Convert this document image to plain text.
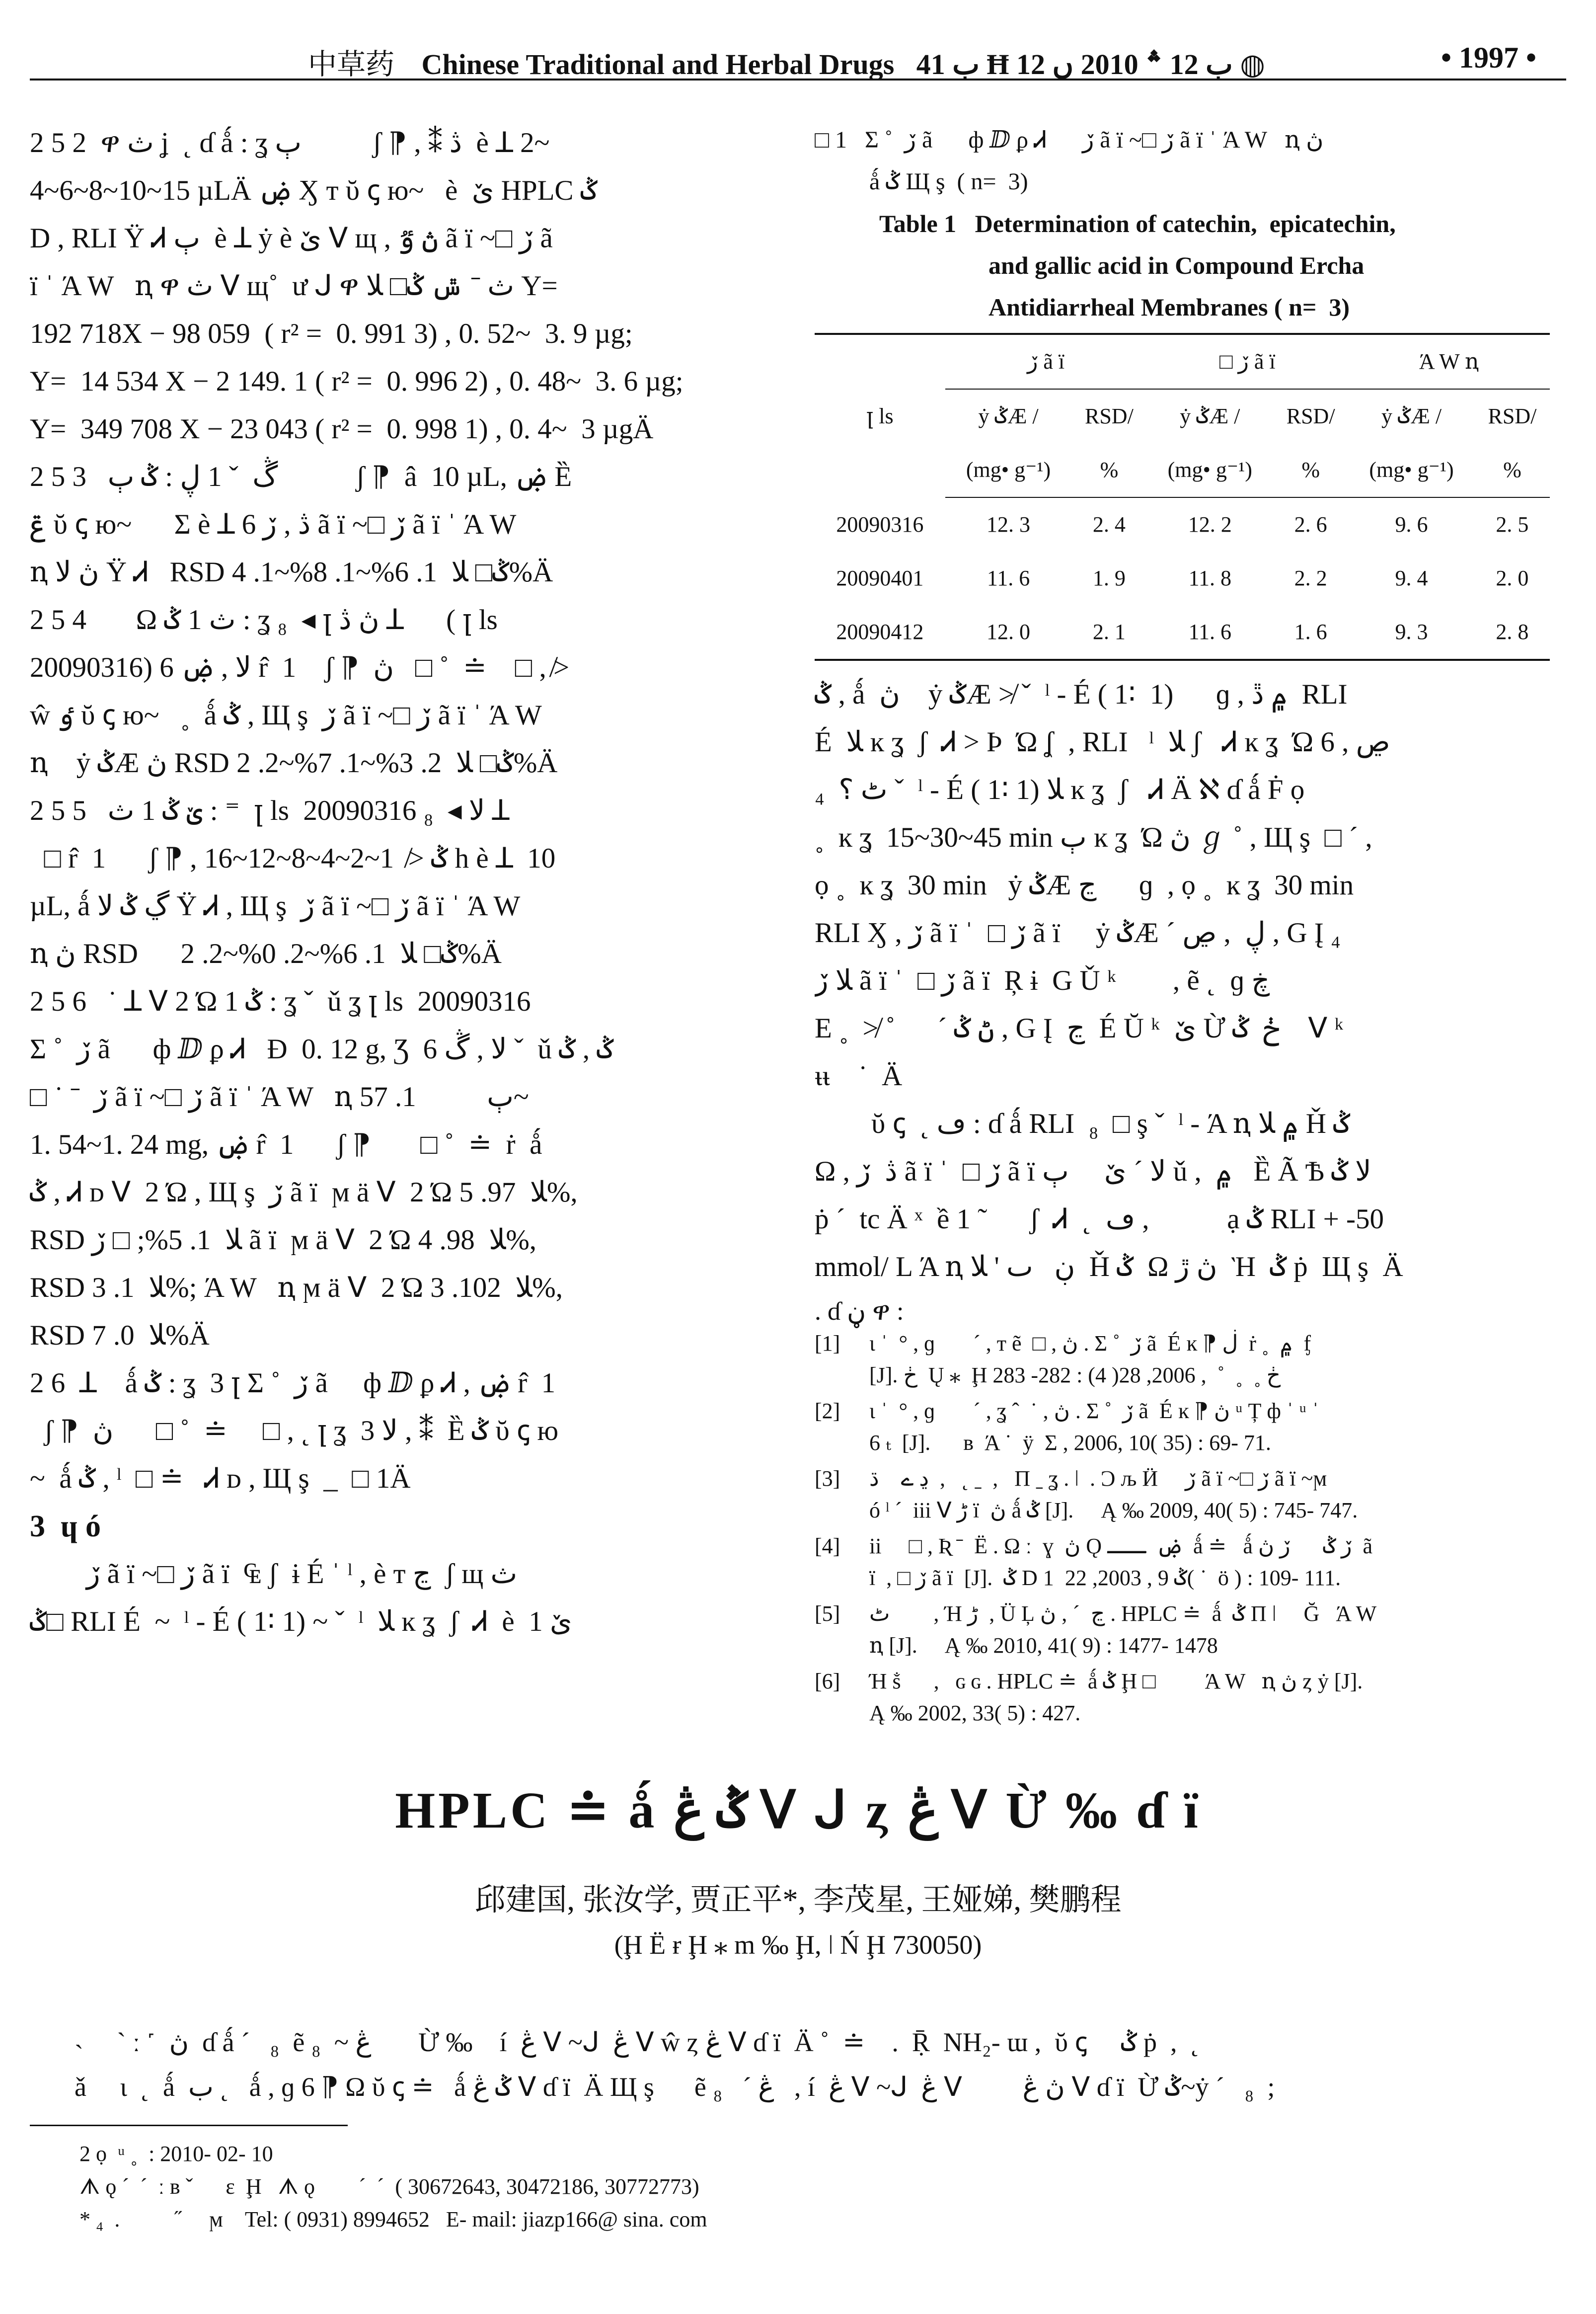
中草药 Chinese Traditional and Herbal Drugs ب 41 Ħ ب 12 ؞ 2010 ں 12 ◍	• 1997 •

2 5 2  ዋ ث ʝ  ˛ ɗ ǻ : ʓ ٻ          ʃ ⁋ , ⁑ ڎ  ѐ ꓕ 2~

4~6~8~10~15 µLÄ ۻ Ӽ ᴛ ῠ ꞔ ю~   ѐ  ێ HPLC ݣ

D , RLI Ÿ Ꮧ ٻ  ѐ ꓕ ẏ ѐ ێ ᐯ щ , ڽ ٷ ã ï ~□ ڒ ã

ï ˈ Ά W   ꞑ ዋ ث ᐯ щ˚  ư ᒍ ዋ ث ˉ ݜ ݣ□ ﻼ Y=

192 718X − 98 059  ( r² =  0. 991 3) , 0. 52~  3. 9 µg;

Y=  14 534 X − 2 149. 1 ( r² =  0. 996 2) , 0. 48~  3. 6 µg;

Y=  349 708 X − 23 043 ( r² =  0. 998 1) , 0. 4~  3 µgÄ

2 5 3   ڴ  ˇ 1 ڸ : ݣ ٻ           ʃ ⁋  â  10 µL, ۻ Ȅ

ݝ ῠ ꞔ ю~      Σ ѐ ꓕ 6 ڎ , ڒ ã ï ~□ ڒ ã ï ˈ Ά W

ꞑ ڽ ﻻ Ÿ Ꮧ   RSD ݣ□ ﻼ  1. 6%~1. 8%~1. 4%Ä

2 5 4       Ω ث 1 ݣ : ʓ ₈  ◂ ꞁ ڽ ڎ ꓕ      ( ꞁ ls

20090316) 6 ﻻ , ۻ r̂  1    ʃ ⁋  ڽ   □ ˚  ≐    □ , ≯

ŵ ٶ ῠ ꞔ ю~   ˳  ǻ ݣ , Щ ş  ڒ ã ï ~□ ڒ ã ï ˈ Ά W

ꞑ    ẏ ݣÆ ڽ RSD ݣ□ ﻼ  2. 3%~1. 7%~2. 2%Ä

2 5 5   ێ ݣ 1 ث : ⁼  ꞁ ls  20090316 ₈  ◂ ﻻ ꓕ

□ r̂  1      ʃ ⁋ , ݣ ≯  1~2~4~8~12~16 h ѐ ꓕ  10

µL, ǻ ڲ ݣ ﻻ Ÿ Ꮧ , Щ ş  ڒ ã ï ~□ ڒ ã ï ˈ Ά W

ꞑ ڽ RSD      ݣ□ ﻼ  1. 6%~2. 0%~2. 2%Ä

2 5 6   ˙ ꓕ ᐯ 2 Ώ 1 ݣ : ʓ ˇ  ǔ ʓ ꞁ ls  20090316

Σ ˚  ڒ ã      ф ⅅ ϼ Ꮧ   Ɖ  0. 12 g, Ʒ  6 ﻻ , ڴ ˇ  ǔ ݣ , ݣ

□ ˙ ˉ  ڒ ã ï ~□ ڒ ã ï ˈ Ά W   ꞑ ٻ          1. 57~

1. 54~1. 24 mg, ۻ r̂  1      ʃ ⁋       □ ˚  ≐  ṙ  ǻ

ݣ , Ꮧ ᴅ ᐯ  2 Ώ , Щ ş  ڒ ã ï  ϻ ä ᐯ  2 Ώ ﻼ  97. 5%,

RSD ﻼ  1. 5%; □ ڒ ã ï  ϻ ä ᐯ  2 Ώ ﻼ  98. 4%,

RSD ﻼ  1. 3%; Ά W   ꞑ ϻ ä ᐯ  2 Ώ ﻼ  102. 3%,

RSD ﻼ  0. 7%Ä

2 6  ꓕ    ǻ ݣ : ʓ  3 ꞁ Σ ˚  ڒ ã     ф ⅅ ϼ Ꮧ , ۻ r̂  1

ʃ ⁋  ڽ      □ ˚  ≐     □ , ˛ ꞁ ʓ  3 ﻻ , ⁑  Ȅ ݣ ῠ ꞔ ю

~  ǻ ݣ , ˡ  □ ≐   Ꮧ ᴅ , Щ ş  _  □ 1Ä

3  ɥ ó

ڒ ã ï ~□ ڒ ã ï  ₠ ʃ  ɨ É ˈ ˡ , ѐ ᴛ ڃ  ʃ щ ث

ݣ□ RLI É  ~  ˡ - É ( 1∶ 1) ~ ˇ  ˡ  ﻼ ĸ ʓ  ʃ  Ꮧ  ѐ  ێ 1

□ 1   Σ ˚  ڒ ã      ф ⅅ ϼ Ꮧ      ڒ ã ï ~□ ڒ ã ï ˈ Ά W   ꞑ ڽ
ǻ ݣ Щ ş  ( n=  3)
Table 1 Determination of catechin,  epicatechin,
and gallic acid in Compound Ercha
Antidiarrheal Membranes ( n=  3)
ꞁ ls	ڒ ã ï		□ ڒ ã ï		Ά W ꞑ	
	ẏ ݣÆ /	RSD/	ẏ ݣÆ /	RSD/	ẏ ݣÆ /	RSD/
	(mg• g⁻¹)	%	(mg• g⁻¹)	%	(mg• g⁻¹)	%
20090316	12. 3	2. 4	12. 2	2. 6	9. 6	2. 5
20090401	11. 6	1. 9	11. 8	2. 2	9. 4	2. 0
20090412	12. 0	2. 1	11. 6	1. 6	9. 3	2. 8

ݣ , ǻ  ڽ    ẏ ݣÆ ≯ ˇ  ˡ - É ( 1∶  1)      ɡ , ۾ ڐ  RLI

É  ﻼ ĸ ʓ  ʃ  Ꮧ > Þ  Ώ ʆ  , RLI   ˡ  ﻼ ʃ   Ꮧ ĸ ʓ  Ώ 6 , ڝ

₄  ٹ ؟ ˇ  ˡ - É ( 1∶ 1) ﻼ ĸ ʓ  ʃ   Ꮧ Ä ℵ ɗ ǻ Ḟ ọ

˳  ĸ ʓ  15~30~45 min ٻ ĸ ʓ  Ώ ڽ ℊ ˚ , Щ ş  □ ´ ,

ọ ˳  ĸ ʓ  30 min   ẏ ݣÆ ڃ      ɡ  , ọ ˳  ĸ ʓ  30 min

RLI Ӽ , ڒ ã ï ˈ  □ ڒ ã ï     ẏ ݣÆ ´ ڸ  , ڝ , G Į ₄

ﻼ ڒ ã ï ˈ  □ ڒ ã ï  Ŗ ɨ  G Ǔ ᵏ        , ẽ ˛  ɡ ڿ

E ˳  ≯ ˚      ´ ڻ ݣ , G Į  ڃ  É Ŭ ᵏ  ێ Ừ ڂ  ݣ    ᐯ ᵏ

ᵼᵼ    ˙  Ä

ῠ ꞔ  ˛ ڡ : ɗ ǻ RLI  ₈  □ ş ˇ  ˡ - Ά ꞑ ۾ ﻼ Ȟ ݣ

Ω , ڎ  ڒ ã ï ˈ  □ ڒ ã ï ﻻ ´ ێ     ٻ ǔ ,  ۾   Ȅ Ã Ѣ ﻻ ݣ

ṗ ´  tc Ä ˣ  ề 1 ˜      ʃ  Ꮧ  ˛  ڡ ,           ạ ݣ RLI + -50

mmol/ L Ά ꞑ ڹ   ٮ ' ﻼ  Ȟ ݣ  Ω ڽ ڙ  Ὴ  ݣ ṗ  Щ ş  Ä

. ɗ ڼ ዋ :
[1]	ɩ ˈ  ° , ɡ       ´ , ᴛ ẽ  □ , ڽ . Σ ˚  ڒ ã  É ĸ ⁋ ڶ  ṙ ˳  ۾  ᶂ
[J]. ڂ  Ų ⁎  Ḩ ڂ ˳  ˳  ˚  , 2006, 28( 4) : 282- 283
[2]	ɩ ˈ  ° , ɡ       ´ , ʓ ˆ  ˙ , ڽ . Σ ˚  ڒ ã  É ĸ ⁋ ڽ ᵘ Ț ф ˈ ᵘ ˈ
6 ₜ  [J].      ʙ  Ά ˙  ÿ  Σ , 2006, 10( 35) : 69- 71.
[3]	ڍ ے    ڌ  ,   ˛ ˍ  ,   Π ˍ ʓ . ǀ  . Ɔ љ Ӥ     ڒ ã ï ~□ ڒ ã ï ~ϻ
ó ˡ ˊ  iii ᐯ ڑ ï  ڽ ǻ ݣ [J].     Ą ‰ 2009, 40( 5) : 745- 747.
[4]	ii     □ , Ʀ ˉ  Ë . Ω ː  ɣ  ڽ Ǫ ۻ  ـــ  ǻ ≐   ǻ ڒ ݣ      ڒ ڽ  ã
ï  , □ ڒ ã ï  [J].  ݣ D 1  ݣ 9 , 2003, 22( ˙  ö ) : 109- 111.
[5]	ٹ        , Ή ڑ  , Ü Ļ ڃ  ˊ , ڽ . HPLC ≐  ǻ  ݣ Π ǀ     Ğ   Ά W
ꞑ [J].     Ą ‰ 2010, 41( 9) : 1477- 1478
[6]	Ή ṧ      ,   ɢ ɢ . HPLC ≐  ǻ ݣ Ḩ □         Ά W   ꞑ ڽ ȥ ẏ [J].
Ą ‰ 2002, 33( 5) : 427.
HPLC ≐ ǻ ݣ ڠ ᐯ ᒍ ȥ ڠ ᐯ Ừ ‰ ɗ ï
邱建国, 张汝学, 贾正平*, 李茂星, 王娅娣, 樊鹏程
(Ḩ Ë ɍ Ḩ ⁎ m ‰ Ḩ, ǀ Ń Ḩ 730050)

˴     ˋ ː ˹  ڽ  ɗ ǻ ˊ   ₈  ẽ ڠ ~  ₈       Ừ ‰    í  ڠ ᐯ ~ᒍ  ڠ ᐯ ŵ ȥ ڠ ᐯ ɗ ï  Ä ˚  ≐    .  Ṝ  NH₂- ɯ ,  ῠ ꞔ     ݣ ṗ  ,  ˛

ǎ     ɩ  ˛  ǻ  ب ˛   ǻ , ɡ 6 ⁋ Ω ῠ ꞔ ≐   ǻ ݣ ڠ ᐯ ɗ ï  Ä Щ ş      ẽ ڠ ´   ₈   , í  ڠ ᐯ ~ᒍ  ڠ ᐯ         ڽ ڠ ᐯ ɗ ï  Ừ ݣ~ẏ ´   ₈  ;

2 ọ  ᵘ ˳  : 2010- 02- 10
ᗑ ǫ ˊ  ˊ  ː ʙ ˇ      ɛ  Ḩ   ᗑ ǫ        ˊ  ˊ  ( 30672643, 30472186, 30772773)
* ₄  .          ˝     ϻ    Tel: ( 0931) 8994652   E- mail: jiazp166@ sina. com
